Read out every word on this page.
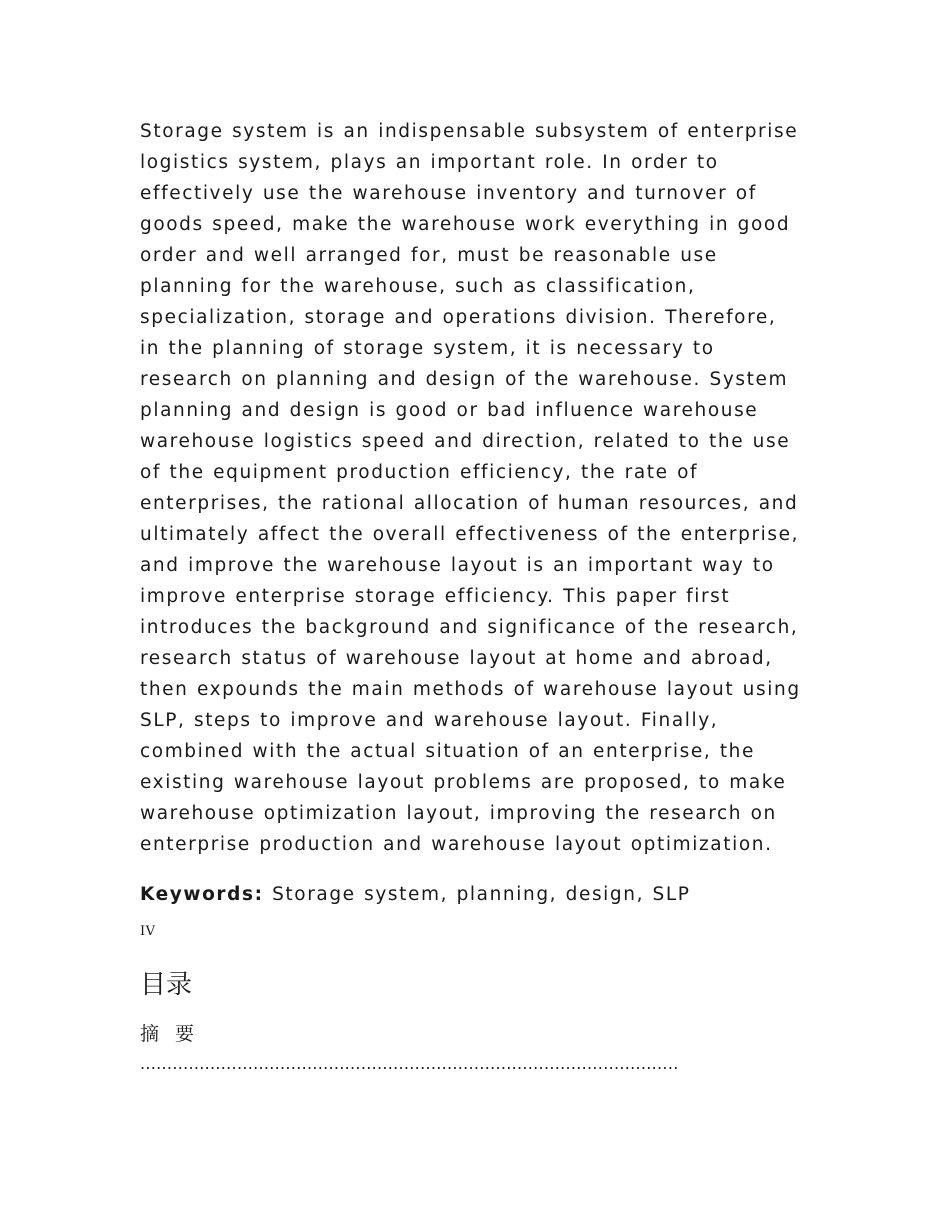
Storage system is an indispensable subsystem of enterprise
logistics system, plays an important role. In order to
effectively use the warehouse inventory and turnover of
goods speed, make the warehouse work everything in good
order and well arranged for, must be reasonable use
planning for the warehouse, such as classification,
specialization, storage and operations division. Therefore,
in the planning of storage system, it is necessary to
research on planning and design of the warehouse. System
planning and design is good or bad influence warehouse
warehouse logistics speed and direction, related to the use
of the equipment production efficiency, the rate of
enterprises, the rational allocation of human resources, and
ultimately affect the overall effectiveness of the enterprise,
and improve the warehouse layout is an important way to
improve enterprise storage efficiency. This paper first
introduces the background and significance of the research,
research status of warehouse layout at home and abroad,
then expounds the main methods of warehouse layout using
SLP, steps to improve and warehouse layout. Finally,
combined with the actual situation of an enterprise, the
existing warehouse layout problems are proposed, to make
warehouse optimization layout, improving the research on
enterprise production and warehouse layout optimization.
Keywords: Storage system, planning, design, SLP
IV
目录
摘 要
....................................................................................................
